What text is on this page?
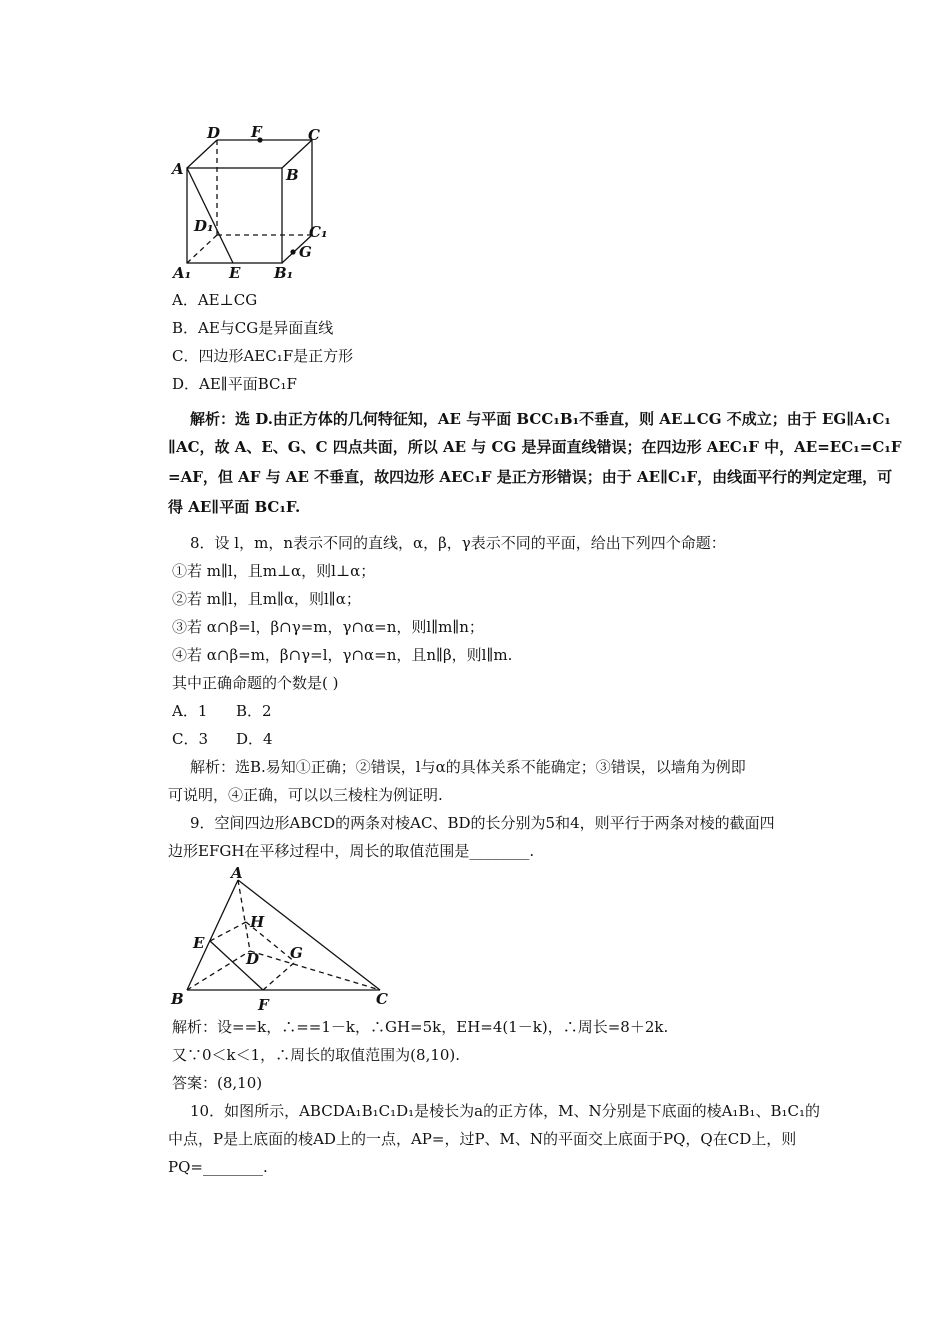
D F	C
A	B
D₁	C₁
G
A₁	E B₁
A．AE⊥CG
B．AE与CG是异面直线
C．四边形AEC₁F是正方形
D．AE∥平面BC₁F
解析：选 D.由正方体的几何特征知，AE 与平面 BCC₁B₁不垂直，则 AE⊥CG 不成立；由于 EG∥A₁C₁
∥AC，故 A、E、G、C 四点共面，所以 AE 与 CG 是异面直线错误；在四边形 AEC₁F 中，AE=EC₁=C₁F
=AF，但 AF 与 AE 不垂直，故四边形 AEC₁F 是正方形错误；由于 AE∥C₁F，由线面平行的判定定理，可
得 AE∥平面 BC₁F.
8．设 l，m，n表示不同的直线，α，β，γ表示不同的平面，给出下列四个命题：
①若 m∥l，且m⊥α，则l⊥α；
②若 m∥l，且m∥α，则l∥α；
③若 α∩β=l，β∩γ=m，γ∩α=n，则l∥m∥n；
④若 α∩β=m，β∩γ=l，γ∩α=n，且n∥β，则l∥m.
其中正确命题的个数是( )
A．1 B．2
C．3 D．4
解析：选B.易知①正确；②错误，l与α的具体关系不能确定；③错误，以墙角为例即
可说明，④正确，可以以三棱柱为例证明.
9．空间四边形ABCD的两条对棱AC、BD的长分别为5和4，则平行于两条对棱的截面四
边形EFGH在平移过程中，周长的取值范围是________.
A
H
E
D G
B	F	C
解析：设==k，∴==1－k，∴GH=5k，EH=4(1－k)，∴周长=8＋2k.
又∵0＜k＜1，∴周长的取值范围为(8,10).
答案：(8,10)
10．如图所示，ABCDA₁B₁C₁D₁是棱长为a的正方体，M、N分别是下底面的棱A₁B₁、B₁C₁的
中点，P是上底面的棱AD上的一点，AP=，过P、M、N的平面交上底面于PQ，Q在CD上，则
PQ=________.
